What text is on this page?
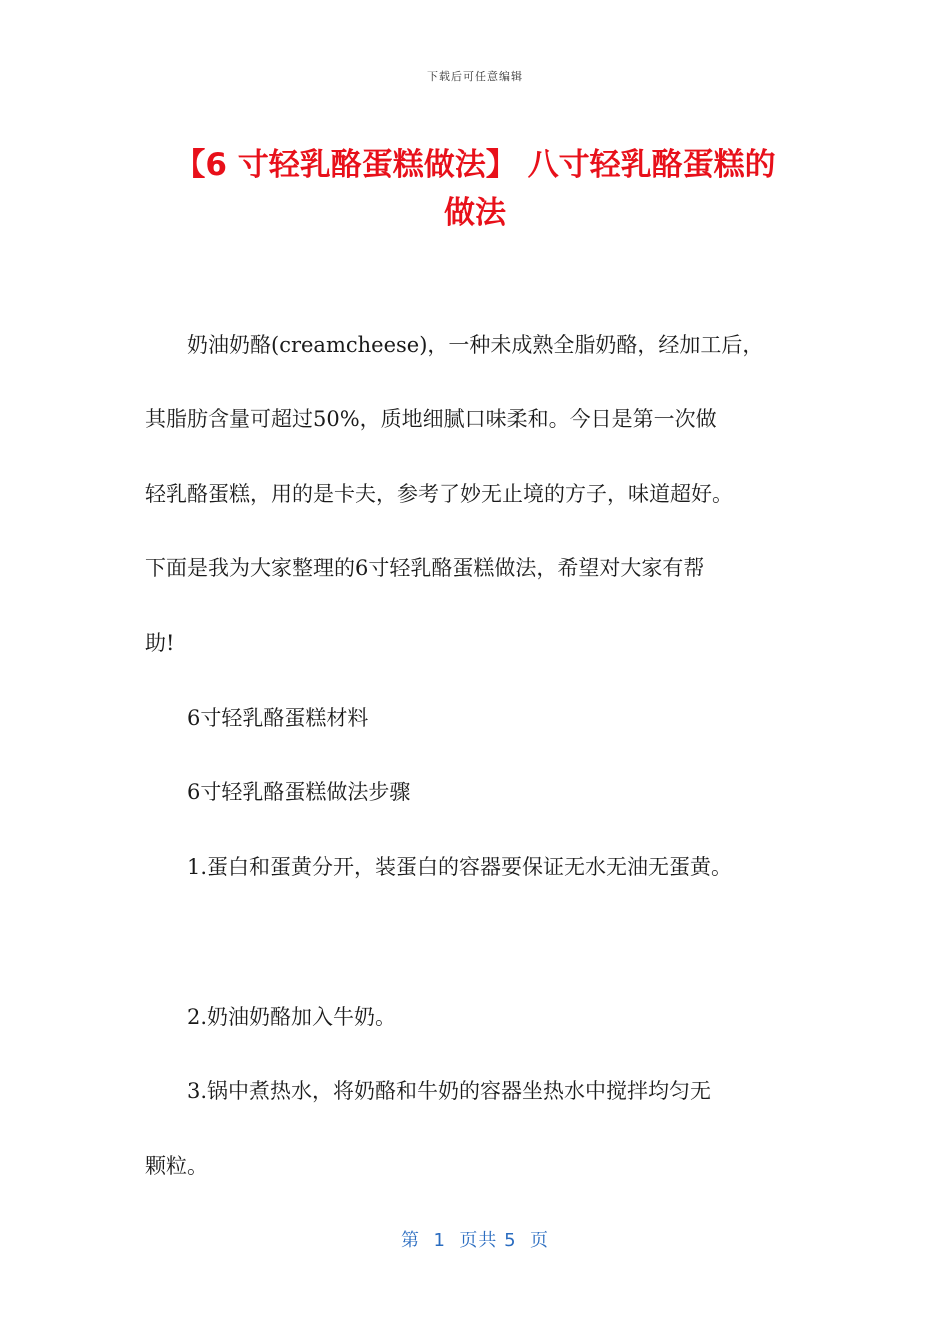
下载后可任意编辑
【6 寸轻乳酪蛋糕做法】 八寸轻乳酪蛋糕的
做法

　　奶油奶酪(creamcheese)，一种未成熟全脂奶酪，经加工后，

其脂肪含量可超过50%，质地细腻口味柔和。今日是第一次做

轻乳酪蛋糕，用的是卡夫，参考了妙无止境的方子，味道超好。

下面是我为大家整理的6寸轻乳酪蛋糕做法，希望对大家有帮

助!

　　6寸轻乳酪蛋糕材料

　　6寸轻乳酪蛋糕做法步骤

　　1.蛋白和蛋黄分开，装蛋白的容器要保证无水无油无蛋黄。

　　2.奶油奶酪加入牛奶。

　　3.锅中煮热水，将奶酪和牛奶的容器坐热水中搅拌均匀无

颗粒。

第  1  页共 5  页
